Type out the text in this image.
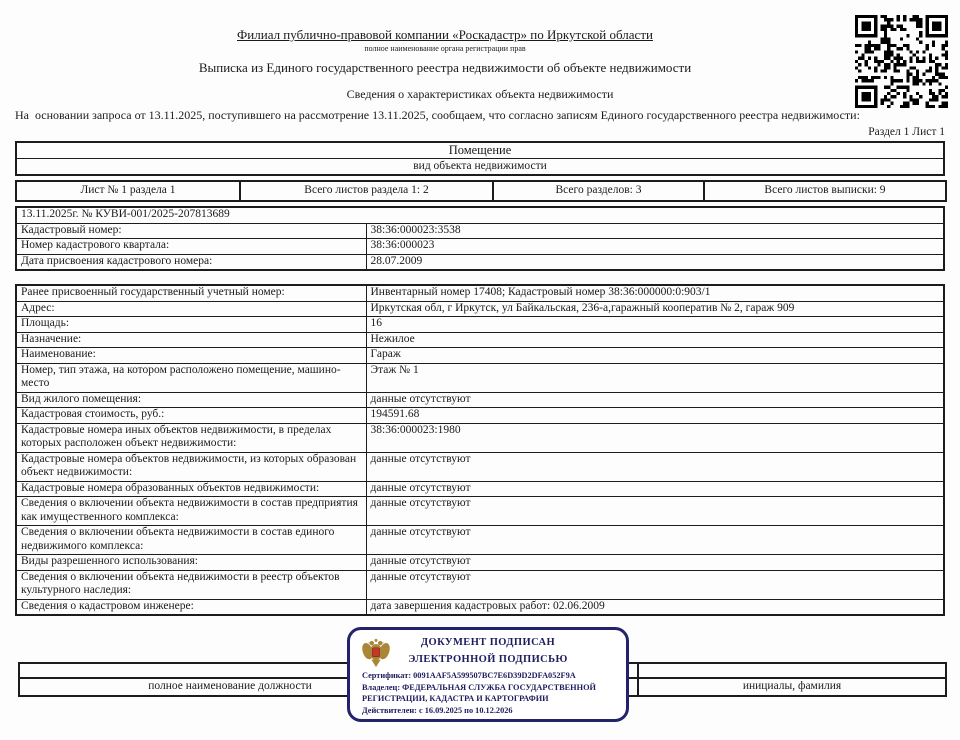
Филиал публично-правовой компании «Роскадастр» по Иркутской области
полное наименование органа регистрации прав
Выписка из Единого государственного реестра недвижимости об объекте недвижимости
Сведения о характеристиках объекта недвижимости
На  основании запроса от 13.11.2025, поступившего на рассмотрение 13.11.2025, сообщаем, что согласно записям Единого государственного реестра недвижимости:
Раздел 1 Лист 1
Помещение
вид объекта недвижимости
Лист № 1 раздела 1	Всего листов раздела 1: 2	Всего разделов: 3	Всего листов выписки: 9
13.11.2025г. № КУВИ-001/2025-207813689	
Кадастровый номер:	38:36:000023:3538
Номер кадастрового квартала:	38:36:000023
Дата присвоения кадастрового номера:	28.07.2009
Ранее присвоенный государственный учетный номер:	Инвентарный номер 17408; Кадастровый номер 38:36:000000:0:903/1
Адрес:	Иркутская обл, г Иркутск, ул Байкальская, 236-а,гаражный кооператив № 2, гараж 909
Площадь:	16
Назначение:	Нежилое
Наименование:	Гараж
Номер, тип этажа, на котором расположено помещение, машино-место	Этаж № 1
Вид жилого помещения:	данные отсутствуют
Кадастровая стоимость, руб.:	194591.68
Кадастровые номера иных объектов недвижимости, в пределах которых расположен объект недвижимости:	38:36:000023:1980
Кадастровые номера объектов недвижимости, из которых образован объект недвижимости:	данные отсутствуют
Кадастровые номера образованных объектов недвижимости:	данные отсутствуют
Сведения о включении объекта недвижимости в состав предприятия как имущественного комплекса:	данные отсутствуют
Сведения о включении объекта недвижимости в состав единого недвижимого комплекса:	данные отсутствуют
Виды разрешенного использования:	данные отсутствуют
Сведения о включении объекта недвижимости в реестр объектов культурного наследия:	данные отсутствуют
Сведения о кадастровом инженере:	дата завершения кадастровых работ: 02.06.2009

полное наименование должности		инициалы, фамилия
ДОКУМЕНТ ПОДПИСАН
ЭЛЕКТРОННОЙ ПОДПИСЬЮ
Сертификат: 0091AAF5A599507BC7E6D39D2DFA052F9A
Владелец: ФЕДЕРАЛЬНАЯ СЛУЖБА ГОСУДАРСТВЕННОЙ РЕГИСТРАЦИИ, КАДАСТРА И КАРТОГРАФИИ
Действителен: с 16.09.2025 по 10.12.2026
